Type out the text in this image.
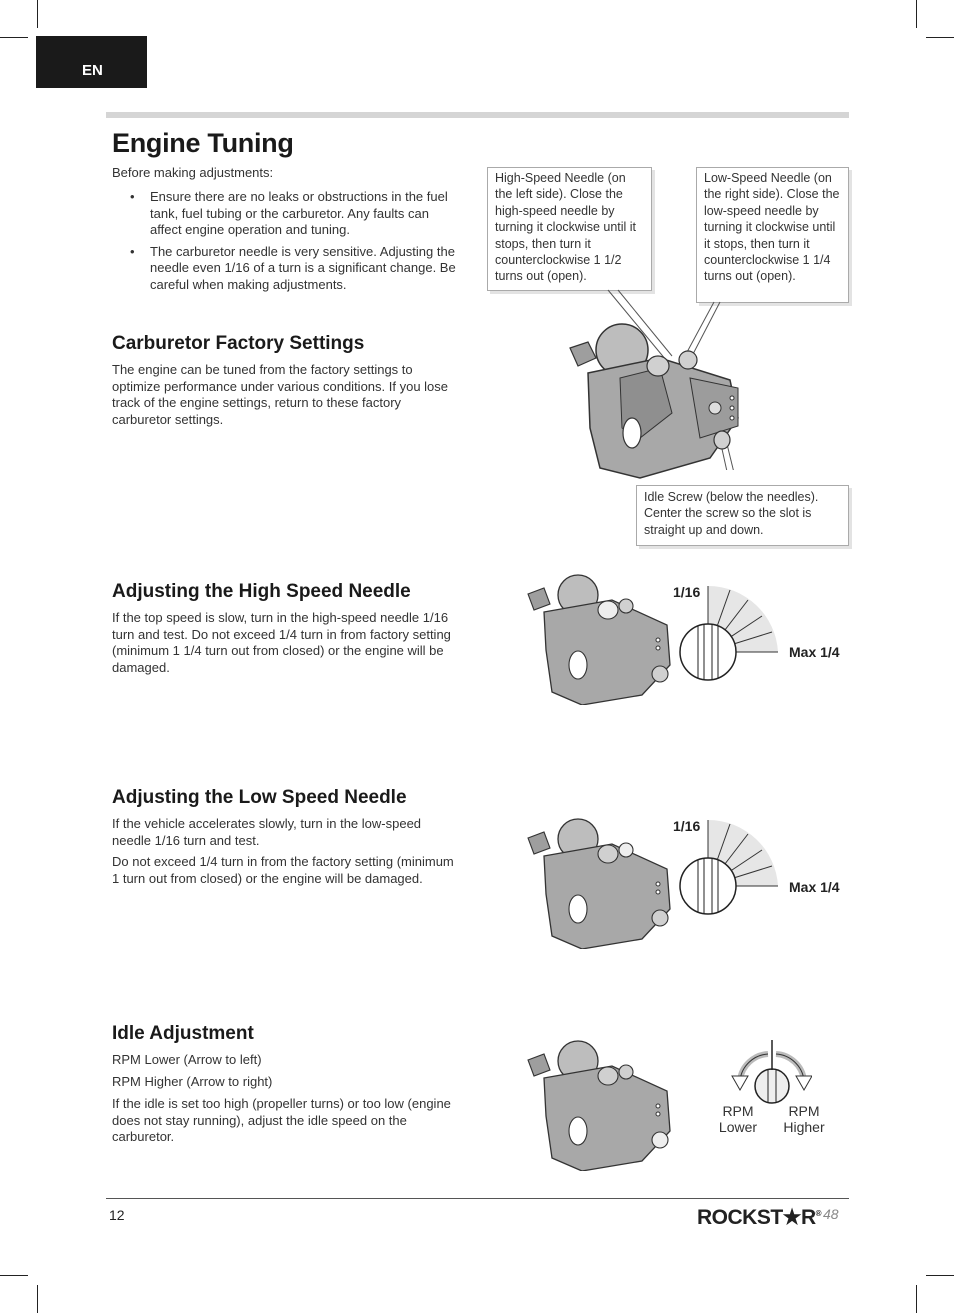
EN
Engine Tuning

Before making adjustments:

• Ensure there are no leaks or obstructions in the fuel tank, fuel tubing or the carburetor. Any faults can affect engine operation and tuning.
• The carburetor needle is very sensitive. Adjusting the needle even 1/16 of a turn is a significant change. Be careful when making adjustments.
High-Speed Needle (on the left side). Close the high-speed needle by turning it clockwise until it stops, then turn it counterclockwise 1 1/2 turns out (open).
Low-Speed Needle (on the right side). Close the low-speed needle by turning it clockwise until it stops, then turn it counterclockwise 1 1/4 turns out (open).
Idle Screw (below the needles). Center the screw so the slot is straight up and down.
Carburetor Factory Settings

The engine can be tuned from the factory settings to optimize performance under various conditions. If you lose track of the engine settings, return to these factory carburetor settings.

Adjusting the High Speed Needle

If the top speed is slow, turn in the high-speed needle 1/16 turn and test. Do not exceed 1/4 turn in from factory setting (minimum 1 1/4 turn out from closed) or the engine will be damaged.

1/16
Max 1/4
Adjusting the Low Speed Needle

If the vehicle accelerates slowly, turn in the low-speed needle 1/16 turn and test.

Do not exceed 1/4 turn in from the factory setting (minimum 1 turn out from closed) or the engine will be damaged.

1/16
Max 1/4
Idle Adjustment

RPM Lower (Arrow to left)

RPM Higher (Arrow to right)

If the idle is set too high (propeller turns) or too low (engine does not stay running), adjust the idle speed on the carburetor.

RPM
Lower
RPM
Higher
12	ROCKST★R® 48
